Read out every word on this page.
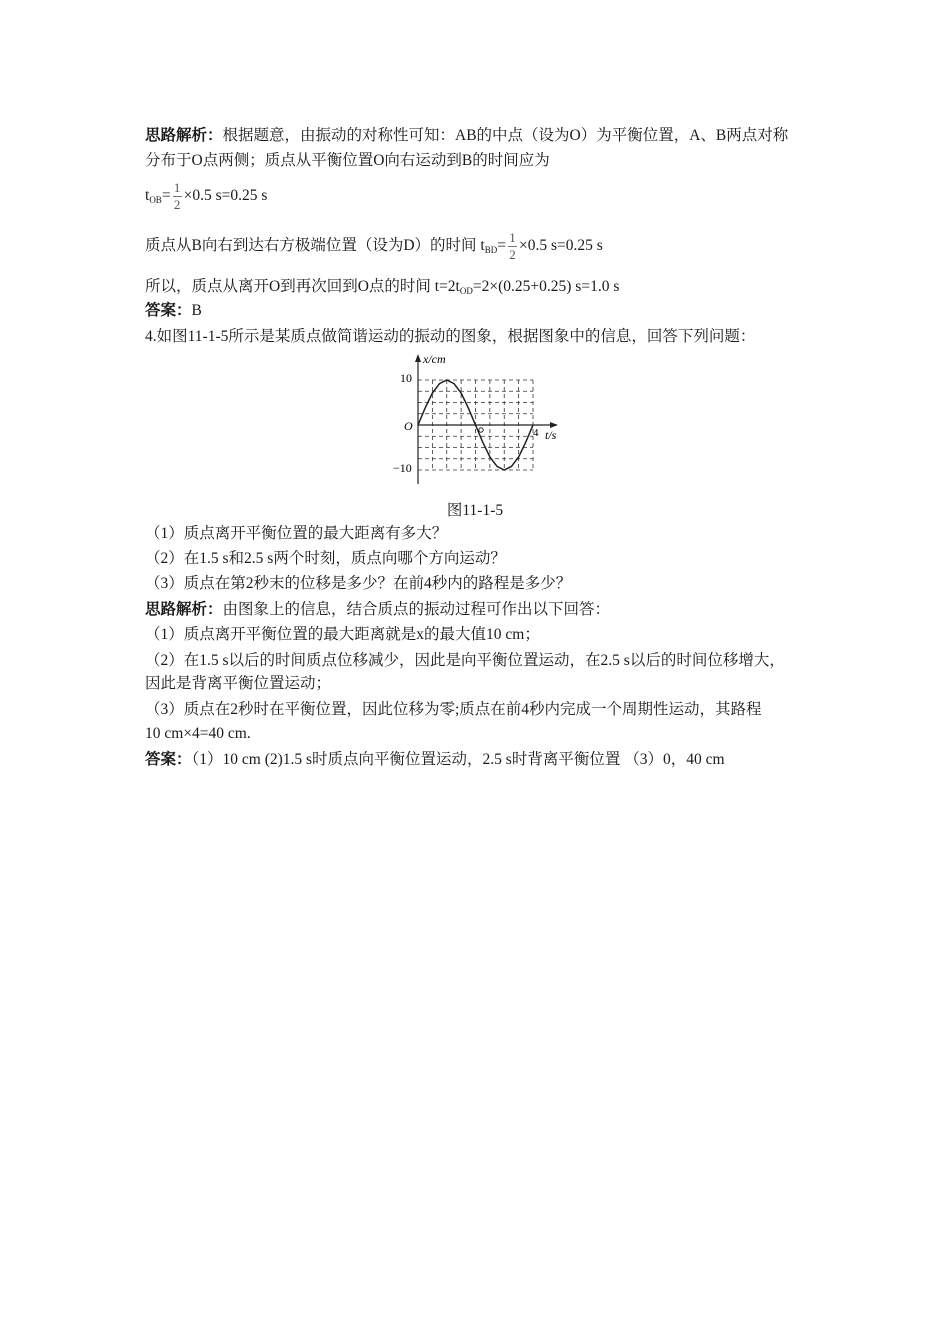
思路解析：根据题意，由振动的对称性可知：AB的中点（设为O）为平衡位置，A、B两点对称
分布于O点两侧；质点从平衡位置O向右运动到B的时间应为
$t_{OB}= \frac{1}{2} \times 0.5$ s=0.25 s
质点从B向右到达右方极端位置（设为D）的时间 $t_{BD}= \frac{1}{2} \times 0.5$ s=0.25 s
所以，质点从离开O到再次回到O点的时间 $t=2t_{OD}=2\times(0.25+0.25)$ s=1.0 s
答案：B
4.如图11-1-5所示是某质点做简谐运动的振动的图象，根据图象中的信息，回答下列问题：
x/cm
t/s
O
10
−10
4
图11-1-5
（1）质点离开平衡位置的最大距离有多大？
（2）在1.5 s和2.5 s两个时刻，质点向哪个方向运动？
（3）质点在第2秒末的位移是多少？在前4秒内的路程是多少？
思路解析：由图象上的信息，结合质点的振动过程可作出以下回答：
（1）质点离开平衡位置的最大距离就是x的最大值10 cm；
（2）在1.5 s以后的时间质点位移减少，因此是向平衡位置运动，在2.5 s以后的时间位移增大，
因此是背离平衡位置运动；
（3）质点在2秒时在平衡位置，因此位移为零;质点在前4秒内完成一个周期性运动，其路程
10 cm×4=40 cm.
答案：（1）10 cm (2)1.5 s时质点向平衡位置运动，2.5 s时背离平衡位置 （3）0，40 cm
